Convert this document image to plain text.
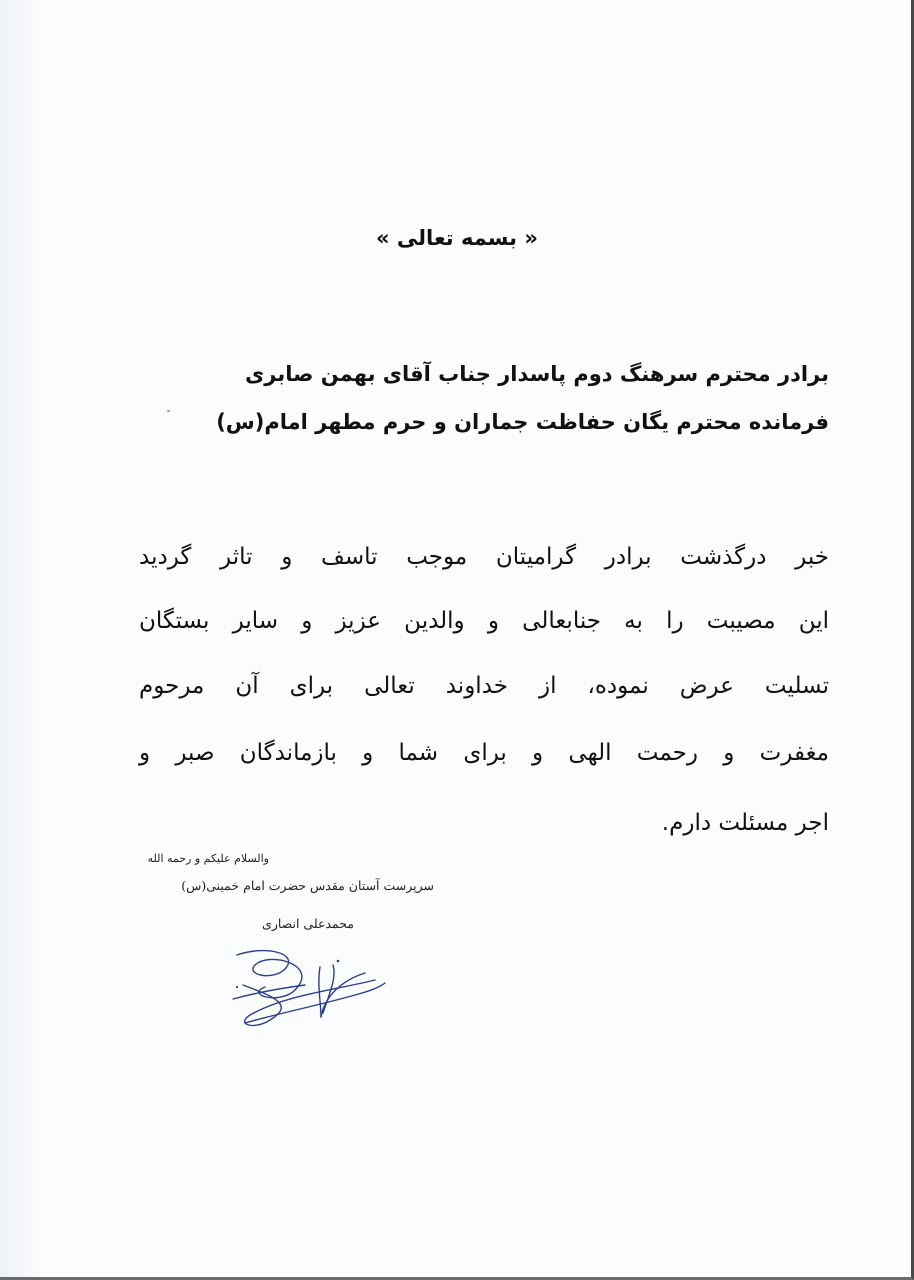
« بسمه تعالی »
برادر محترم سرهنگ دوم پاسدار جناب آقای بهمن صابری
فرمانده محترم یگان حفاظت جماران و حرم مطهر امام(س)
خبر درگذشت برادر گرامیتان موجب تاسف و تاثر گردید
این مصیبت را به جنابعالی و والدین عزیز و سایر بستگان
تسلیت عرض نموده، از خداوند تعالی برای آن مرحوم
مغفرت و رحمت الهی و برای شما و بازماندگان صبر و
اجر مسئلت دارم.
والسلام علیکم و رحمه الله
سرپرست آستان مقدس حضرت امام خمینی(س)
محمدعلی انصاری
